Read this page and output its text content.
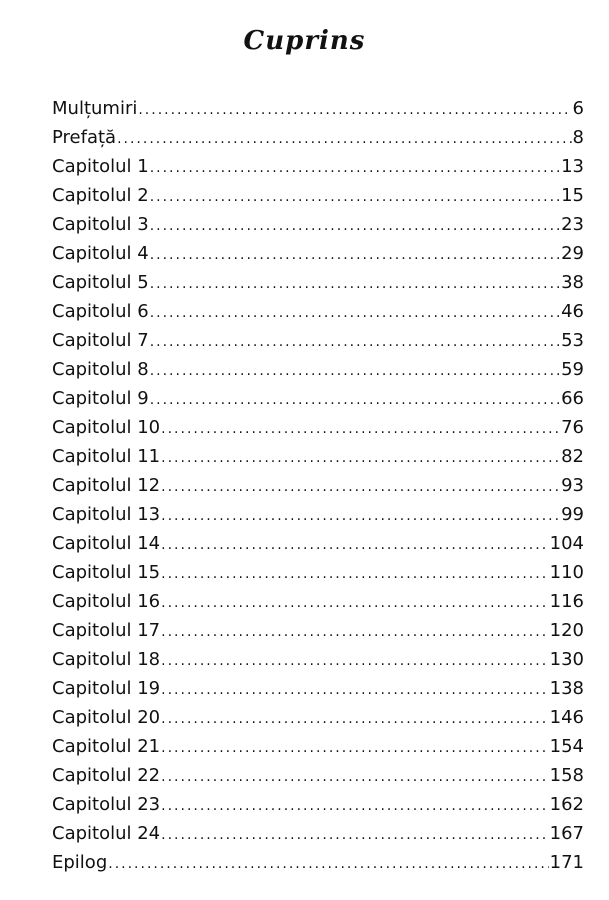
Cuprins
Mulțumiri .....	6
Prefață .....	8
Capitolul 1 .....	13
Capitolul 2 .....	15
Capitolul 3 .....	23
Capitolul 4 .....	29
Capitolul 5 .....	38
Capitolul 6 .....	46
Capitolul 7 .....	53
Capitolul 8 .....	59
Capitolul 9 .....	66
Capitolul 10 .....	76
Capitolul 11 .....	82
Capitolul 12 .....	93
Capitolul 13 .....	99
Capitolul 14 .....	104
Capitolul 15 .....	110
Capitolul 16 .....	116
Capitolul 17 .....	120
Capitolul 18 .....	130
Capitolul 19 .....	138
Capitolul 20 .....	146
Capitolul 21 .....	154
Capitolul 22 .....	158
Capitolul 23 .....	162
Capitolul 24 .....	167
Epilog .....	171
